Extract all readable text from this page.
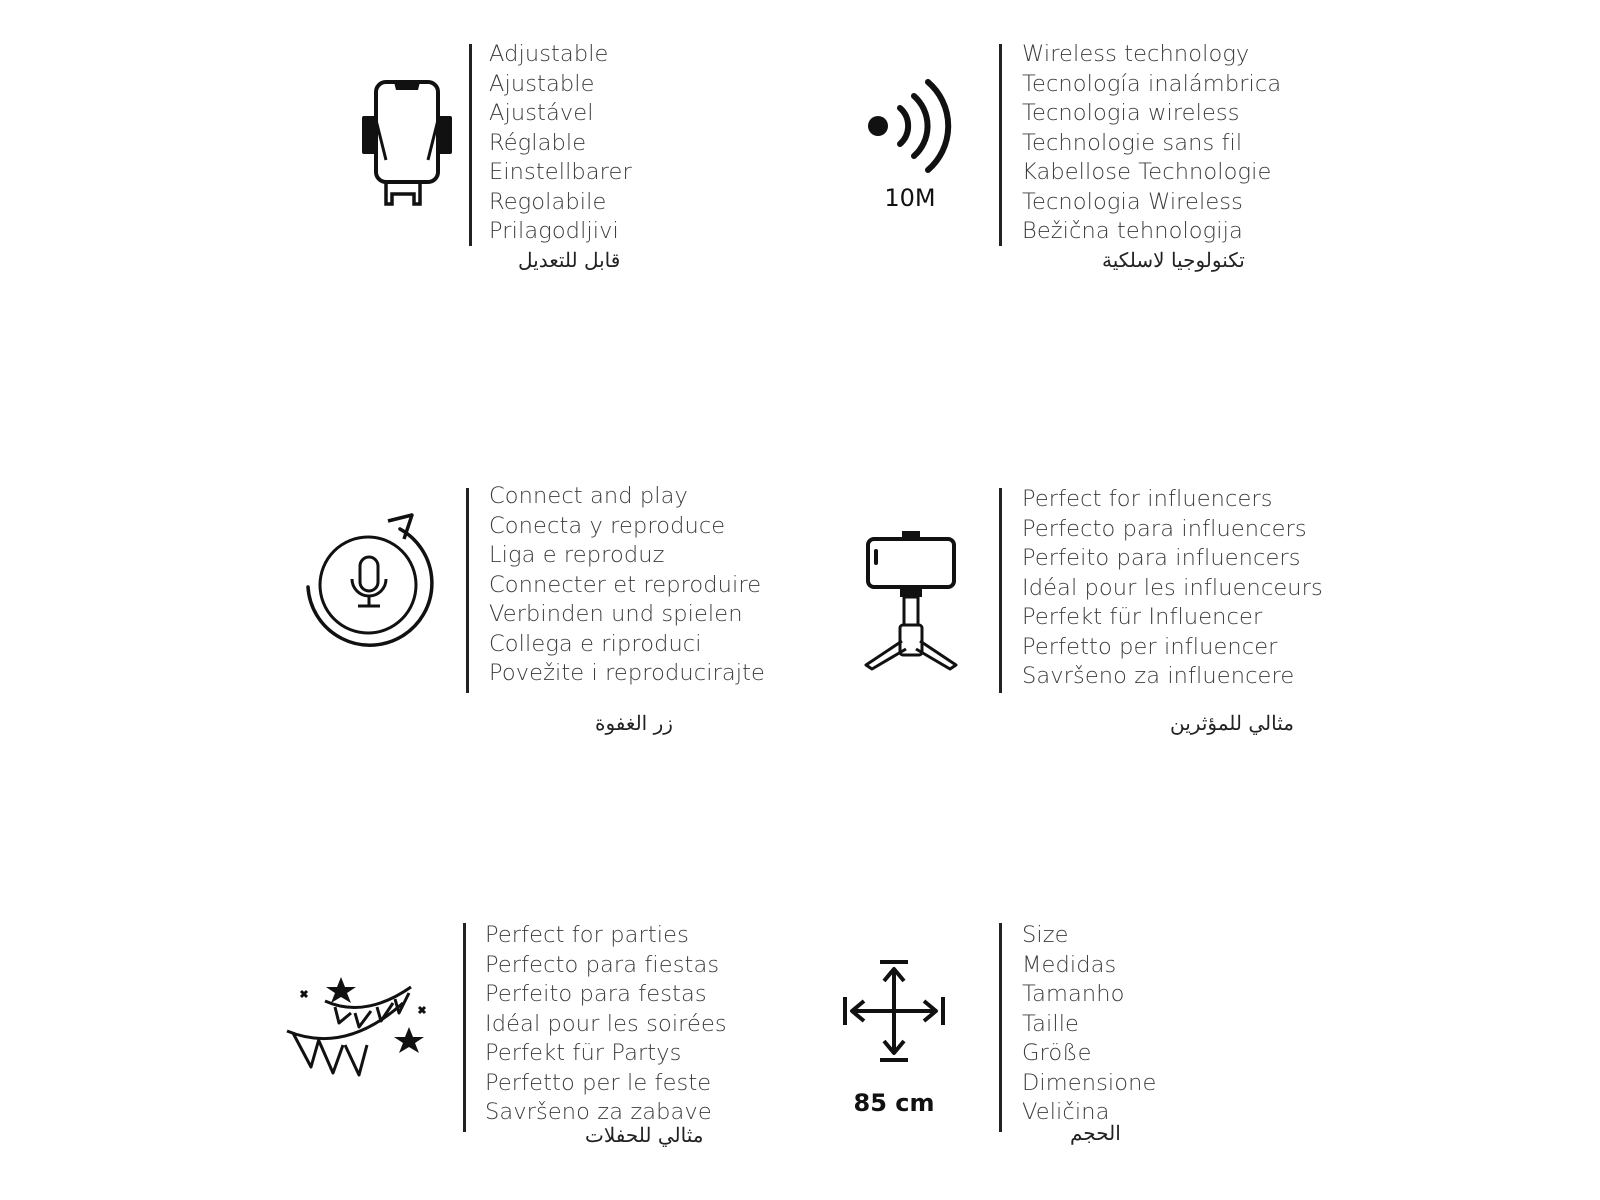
Adjustable
Ajustable
Ajustável
Réglable
Einstellbarer
Regolabile
Prilagodljivi
قابل للتعديل
10M
Wireless technology
Tecnología inalámbrica
Tecnologia wireless
Technologie sans fil
Kabellose Technologie
Tecnologia Wireless
Bežična tehnologija
تكنولوجيا لاسلكية
Connect and play
Conecta y reproduce
Liga e reproduz
Connecter et reproduire
Verbinden und spielen
Collega e riproduci
Povežite i reproducirajte
زر الغفوة
Perfect for influencers
Perfecto para influencers
Perfeito para influencers
Idéal pour les influenceurs
Perfekt für Influencer
Perfetto per influencer
Savršeno za influencere
مثالي للمؤثرين
Perfect for parties
Perfecto para fiestas
Perfeito para festas
Idéal pour les soirées
Perfekt für Partys
Perfetto per le feste
Savršeno za zabave
مثالي للحفلات
85 cm
Size
Medidas
Tamanho
Taille
Größe
Dimensione
Veličina
الحجم
